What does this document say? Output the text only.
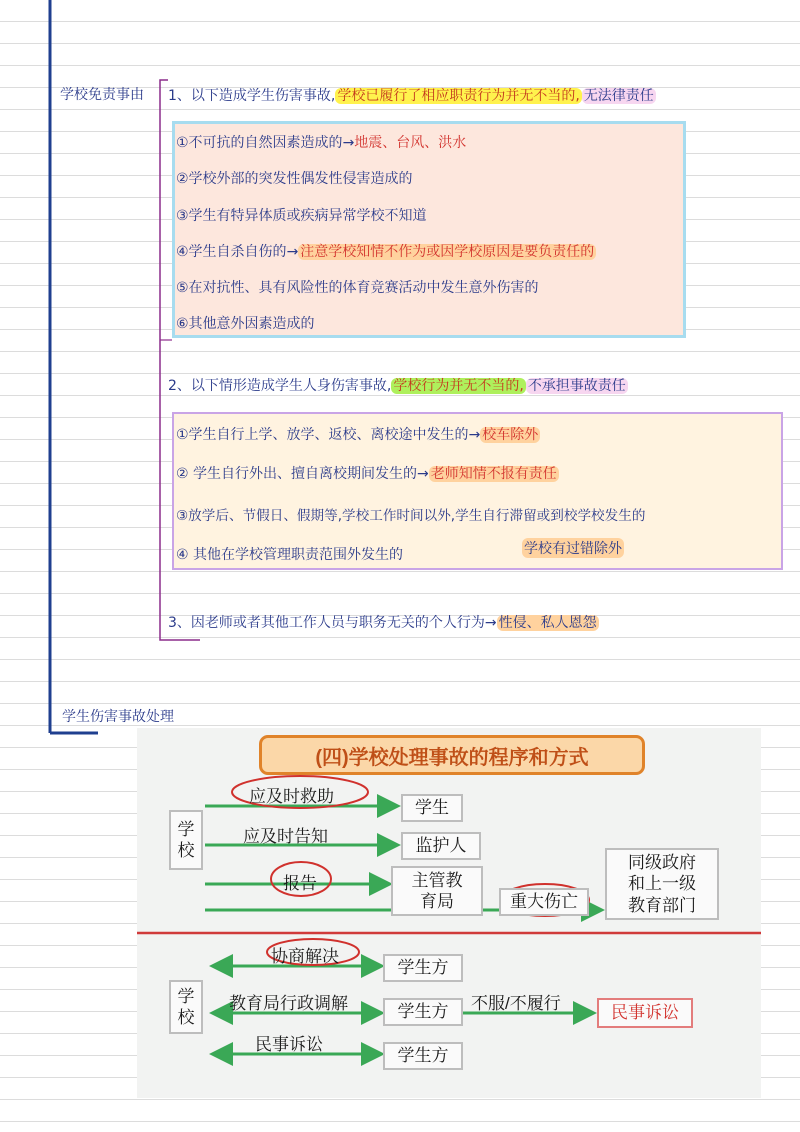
学校免责事由 1、以下造成学生伤害事故, 学校已履行了相应职责行为并无不当的, 无法律责任
①不可抗的自然因素造成的→地震、台风、洪水
②学校外部的突发性偶发性侵害造成的
③学生有特异体质或疾病异常学校不知道
④学生自杀自伤的→ 注意学校知情不作为或因学校原因是要负责任的
⑤在对抗性、具有风险性的体育竞赛活动中发生意外伤害的
⑥其他意外因素造成的
2、以下情形造成学生人身伤害事故, 学校行为并无不当的, 不承担事故责任
①学生自行上学、放学、返校、离校途中发生的→ 校车除外
② 学生自行外出、擅自离校期间发生的→ 老师知情不报有责任
③放学后、节假日、假期等,学校工作时间以外,学生自行滞留或到校学校发生的
④ 其他在学校管理职责范围外发生的	学校有过错除外
3、因老师或者其他工作人员与职务无关的个人行为→ 性侵、私人恩怨
学生伤害事故处理
(四)学校处理事故的程序和方式
学
校
应及时救助
应及时告知
报告
学生
监护人
主管教
育局	重大伤亡
同级政府
和上一级
教育部门
学
校
协商解决
教育局行政调解
民事诉讼
学生方
学生方
学生方
不服/不履行	民事诉讼
